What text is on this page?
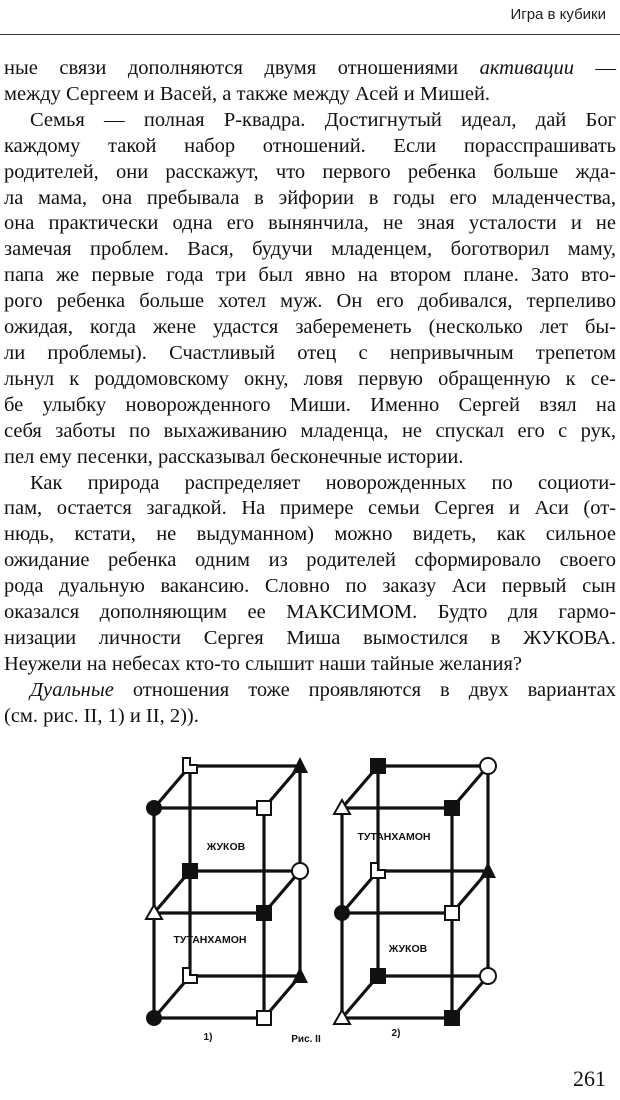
Игра в кубики
ные связи дополняются двумя отношениями активации —
между Сергеем и Васей, а также между Асей и Мишей.
Семья — полная Р-квадра. Достигнутый идеал, дай Бог
каждому такой набор отношений. Если порасспрашивать
родителей, они расскажут, что первого ребенка больше жда-
ла мама, она пребывала в эйфории в годы его младенчества,
она практически одна его вынянчила, не зная усталости и не
замечая проблем. Вася, будучи младенцем, боготворил маму,
папа же первые года три был явно на втором плане. Зато вто-
рого ребенка больше хотел муж. Он его добивался, терпеливо
ожидая, когда жене удастся забеременеть (несколько лет бы-
ли проблемы). Счастливый отец с непривычным трепетом
льнул к роддомовскому окну, ловя первую обращенную к се-
бе улыбку новорожденного Миши. Именно Сергей взял на
себя заботы по выхаживанию младенца, не спускал его с рук,
пел ему песенки, рассказывал бесконечные истории.
Как природа распределяет новорожденных по социоти-
пам, остается загадкой. На примере семьи Сергея и Аси (от-
нюдь, кстати, не выдуманном) можно видеть, как сильное
ожидание ребенка одним из родителей сформировало своего
рода дуальную вакансию. Словно по заказу Аси первый сын
оказался дополняющим ее МАКСИМОМ. Будто для гармо-
низации личности Сергея Миша вымостился в ЖУКОВА.
Неужели на небесах кто-то слышит наши тайные желания?
Дуальные отношения тоже проявляются в двух вариантах
(см. рис. II, 1) и II, 2)).
ЖУКОВ
ТУТАНХАМОН
ТУТАНХАМОН
ЖУКОВ
1)	Рис. II
2)
261
